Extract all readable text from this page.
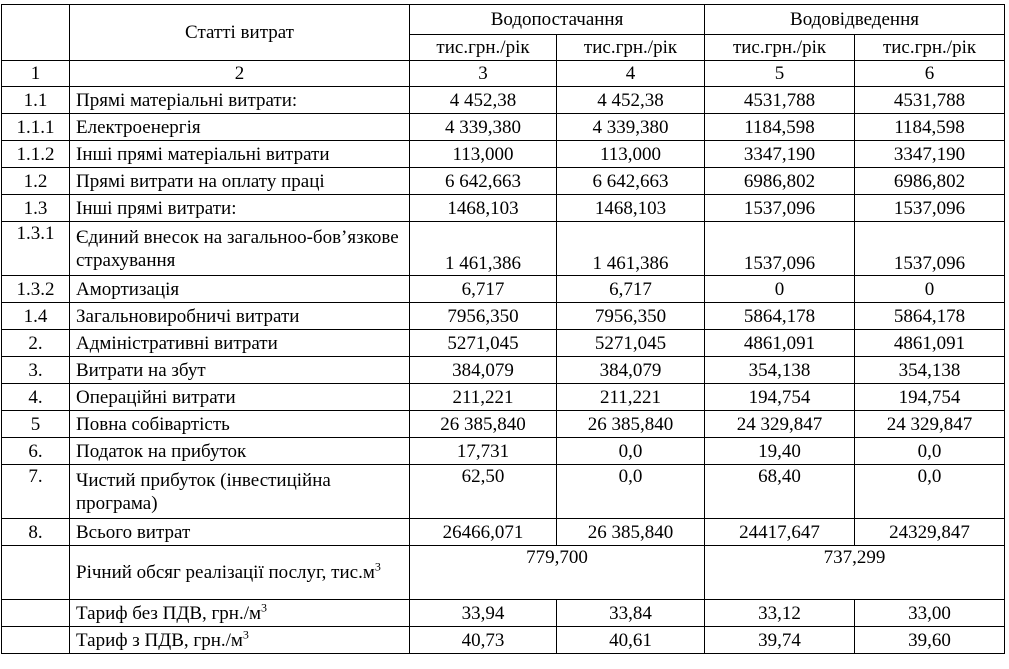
	Статті витрат	Водопостачання		Водовідведення	
		тис.грн./рік	тис.грн./рік	тис.грн./рік	тис.грн./рік
1	2	3	4	5	6
1.1	Прямі матеріальні витрати:	4 452,38	4 452,38	4531,788	4531,788
1.1.1	Електроенергія	4 339,380	4 339,380	1184,598	1184,598
1.1.2	Інші прямі матеріальні витрати	113,000	113,000	3347,190	3347,190
1.2	Прямі витрати на оплату праці	6 642,663	6 642,663	6986,802	6986,802
1.3	Інші прямі витрати:	1468,103	1468,103	1537,096	1537,096
1.3.1	Єдиний внесок на загальноо-бов’язкове страхування	1 461,386	1 461,386	1537,096	1537,096
1.3.2	Амортизація	6,717	6,717	0	0
1.4	Загальновиробничі витрати	7956,350	7956,350	5864,178	5864,178
2.	Адміністративні витрати	5271,045	5271,045	4861,091	4861,091
3.	Витрати на збут	384,079	384,079	354,138	354,138
4.	Операційні витрати	211,221	211,221	194,754	194,754
5	Повна собівартість	26 385,840	26 385,840	24 329,847	24 329,847
6.	Податок на прибуток	17,731	0,0	19,40	0,0
7.	Чистий прибуток (інвестиційна програма)	62,50	0,0	68,40	0,0
8.	Всього витрат	26466,071	26 385,840	24417,647	24329,847
	Річний обсяг реалізації послуг, $тис.м^3$	779,700		737,299	
	Тариф без ПДВ, $грн./м^3$	33,94	33,84	33,12	33,00
	Тариф з ПДВ, $грн./м^3$	40,73	40,61	39,74	39,60
